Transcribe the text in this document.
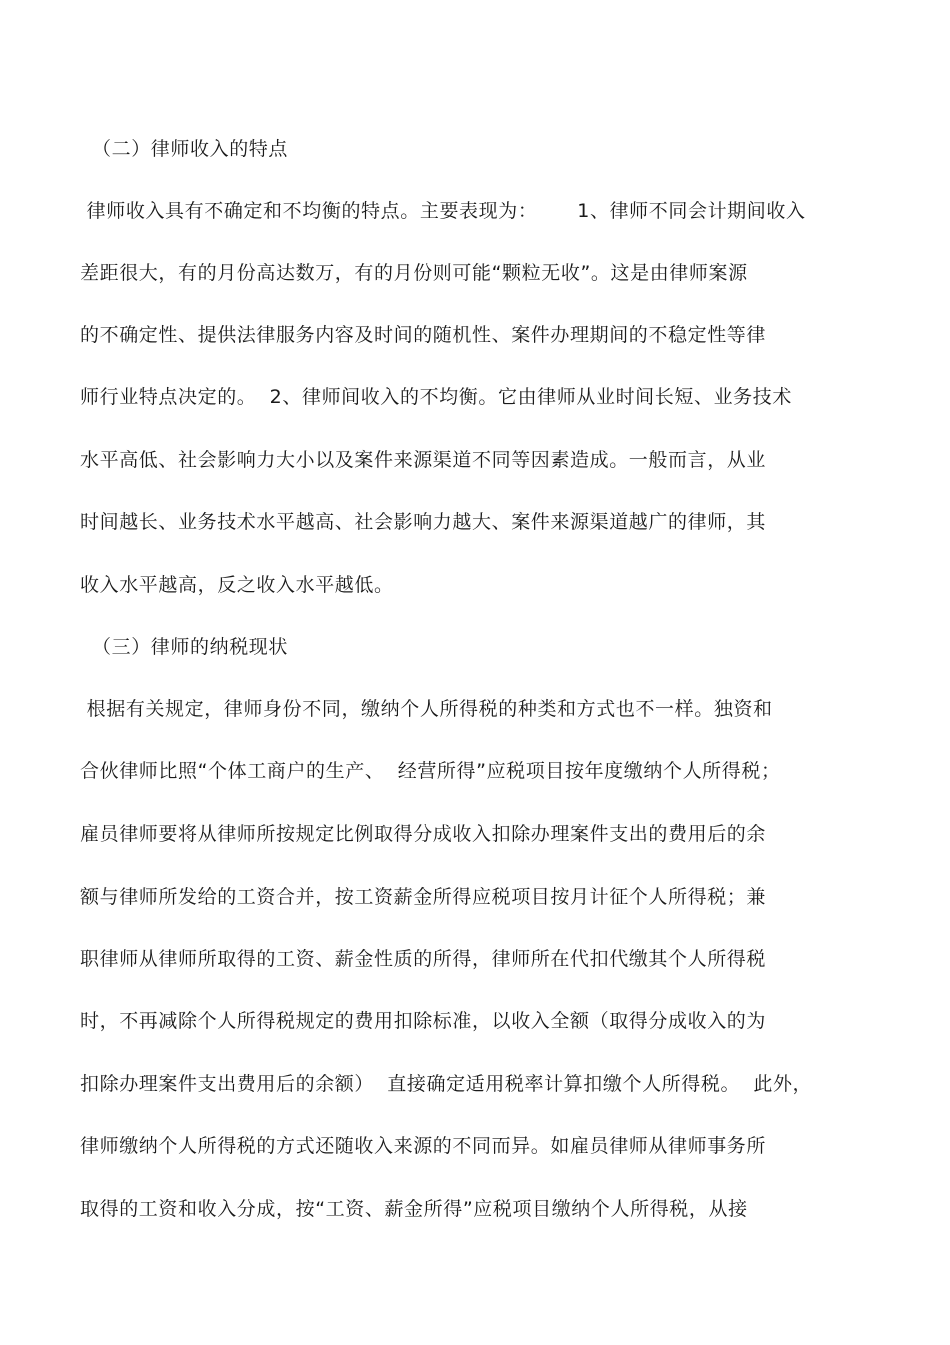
（二）律师收入的特点
律师收入具有不确定和不均衡的特点。主要表现为：      1、律师不同会计期间收入
差距很大，有的月份高达数万，有的月份则可能“颗粒无收”。这是由律师案源
的不确定性、提供法律服务内容及时间的随机性、案件办理期间的不稳定性等律
师行业特点决定的。  2、律师间收入的不均衡。它由律师从业时间长短、业务技术
水平高低、社会影响力大小以及案件来源渠道不同等因素造成。一般而言，从业
时间越长、业务技术水平越高、社会影响力越大、案件来源渠道越广的律师，其
收入水平越高，反之收入水平越低。
（三）律师的纳税现状
根据有关规定，律师身份不同，缴纳个人所得税的种类和方式也不一样。独资和
合伙律师比照“个体工商户的生产、  经营所得”应税项目按年度缴纳个人所得税；
雇员律师要将从律师所按规定比例取得分成收入扣除办理案件支出的费用后的余
额与律师所发给的工资合并，按工资薪金所得应税项目按月计征个人所得税；兼
职律师从律师所取得的工资、薪金性质的所得，律师所在代扣代缴其个人所得税
时，不再减除个人所得税规定的费用扣除标准，以收入全额（取得分成收入的为
扣除办理案件支出费用后的余额）  直接确定适用税率计算扣缴个人所得税。  此外，
律师缴纳个人所得税的方式还随收入来源的不同而异。如雇员律师从律师事务所
取得的工资和收入分成，按“工资、薪金所得”应税项目缴纳个人所得税，从接
